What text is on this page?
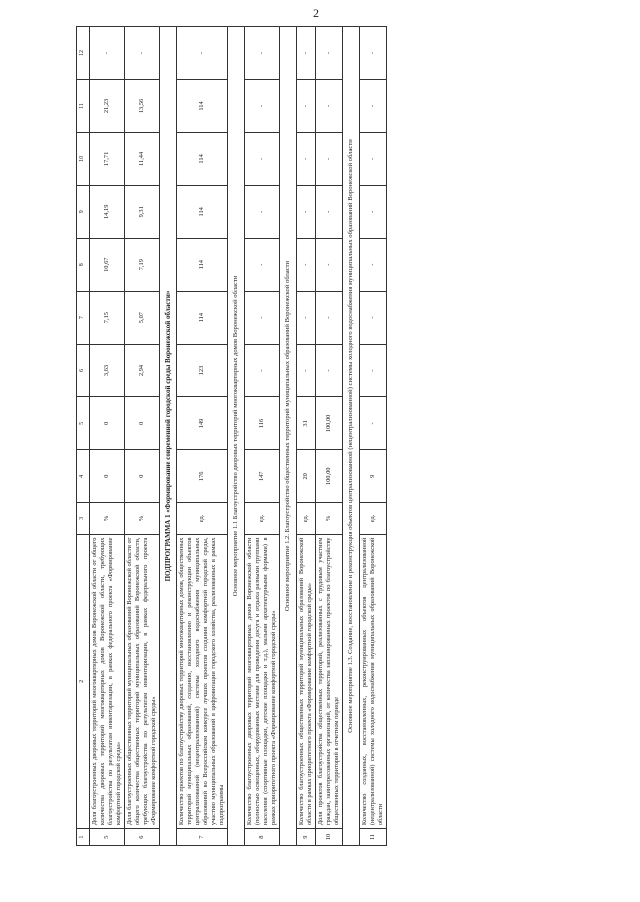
2
1	2	3	4	5	6	7	8	9	10	11	12
5	Доля благоустроенных дворовых территорий многоквартирных домов Воронежской области от общего количества дворовых территорий многоквартирных домов Воронежской области, требующих благоустройства по результатам инвентаризации, в рамках федерального проекта «Формирование комфортной городской среды»	%	0	0	3,63	7,15	10,67	14,19	17,71	21,23	-
6	Доля благоустроенных общественных территорий муниципальных образований Воронежской области от общего количества общественных территорий муниципальных образований Воронежской области, требующих благоустройства по результатам инвентаризации, в рамках федерального проекта «Формирование комфортной городской среды»	%	0	0	2,94	5,07	7,19	9,31	11,44	13,56	-
ПОДПРОГРАММА 1 «Формирование современной городской среды Воронежской области»											
7	Количество проектов по благоустройству дворовых территорий многоквартирных домов, общественных территорий муниципальных образований, созданию, восстановлению и реконструкции объектов централизованной (нецентрализованной) системы холодного водоснабжения муниципальных образований во Всероссийском конкурсе лучших проектов создания комфортной городской среды, участию муниципальных образований в цифровизации городского хозяйства, реализованных в рамках подпрограммы	ед.	176	149	123	114	114	114	114	114	-
Основное мероприятие 1.1 Благоустройство дворовых территорий многоквартирных домов Воронежской области											
8	Количество благоустроенных дворовых территорий многоквартирных домов Воронежской области (полностью освещенных, оборудованных местами для проведения досуга и отдыха разными группами населения (спортивные площадки, детские площадки и т.д.), малыми архитектурными формами) в рамках приоритетного проекта «Формирование комфортной городской среды»	ед.	147	116	-	-	-	-	-	-	-
Основное мероприятие 1.2. Благоустройство общественных территорий муниципальных образований Воронежской области											
9	Количество благоустроенных общественных территорий муниципальных образований Воронежской области в рамках приоритетного проекта «Формирование комфортной городской среды»	ед.	20	31	-	-	-	-	-	-	-
10	Доля проектов благоустройства общественных территорий, реализованных с трудовым участием граждан, заинтересованных организаций, от количества запланированных проектов по благоустройству общественных территорий в отчетном периоде	%	100,00	100,00	-	-	-	-	-	-	-
Основное мероприятие 1.3. Создание, восстановление и реконструкция объектов централизованной (нецентрализованной) системы холодного водоснабжения муниципальных образований Воронежской области											
11	Количество созданных, восстановленных, реконструированных объектов централизованной (нецентрализованной) системы холодного водоснабжения муниципальных образований Воронежской области	ед.	9	-	-	-	-	-	-	-	-
